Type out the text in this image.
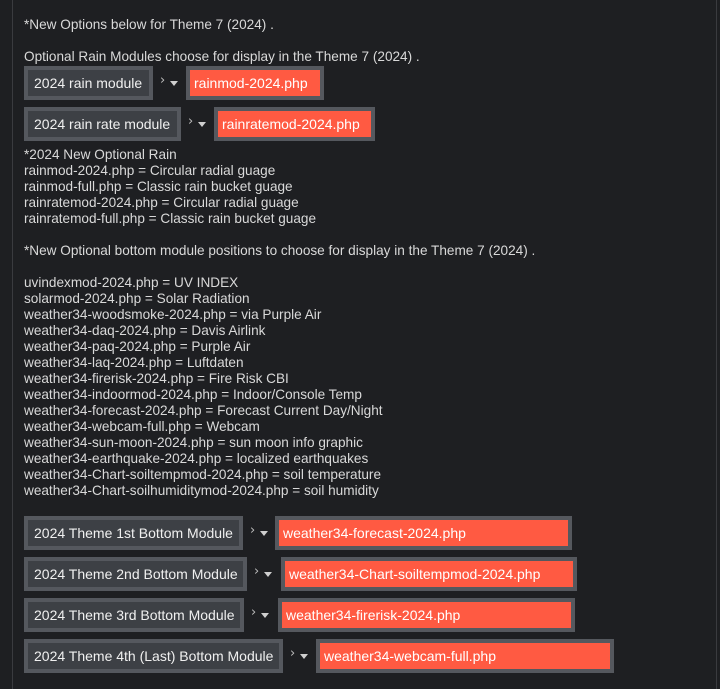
*New Options below for Theme 7 (2024) .
Optional Rain Modules choose for display in the Theme 7 (2024) .
2024 rain module	› rainmod-2024.php
2024 rain rate module	› rainratemod-2024.php
*2024 New Optional Rain
rainmod-2024.php = Circular radial guage
rainmod-full.php = Classic rain bucket guage
rainratemod-2024.php = Circular radial guage
rainratemod-full.php = Classic rain bucket guage
*New Optional bottom module positions to choose for display in the Theme 7 (2024) .
uvindexmod-2024.php = UV INDEX
solarmod-2024.php = Solar Radiation
weather34-woodsmoke-2024.php = via Purple Air
weather34-daq-2024.php = Davis Airlink
weather34-paq-2024.php = Purple Air
weather34-laq-2024.php = Luftdaten
weather34-firerisk-2024.php = Fire Risk CBI
weather34-indoormod-2024.php = Indoor/Console Temp
weather34-forecast-2024.php = Forecast Current Day/Night
weather34-webcam-full.php = Webcam
weather34-sun-moon-2024.php = sun moon info graphic
weather34-earthquake-2024.php = localized earthquakes
weather34-Chart-soiltempmod-2024.php = soil temperature
weather34-Chart-soilhumiditymod-2024.php = soil humidity
2024 Theme 1st Bottom Module	› weather34-forecast-2024.php
2024 Theme 2nd Bottom Module	› weather34-Chart-soiltempmod-2024.php
2024 Theme 3rd Bottom Module	› weather34-firerisk-2024.php
2024 Theme 4th (Last) Bottom Module	› weather34-webcam-full.php
